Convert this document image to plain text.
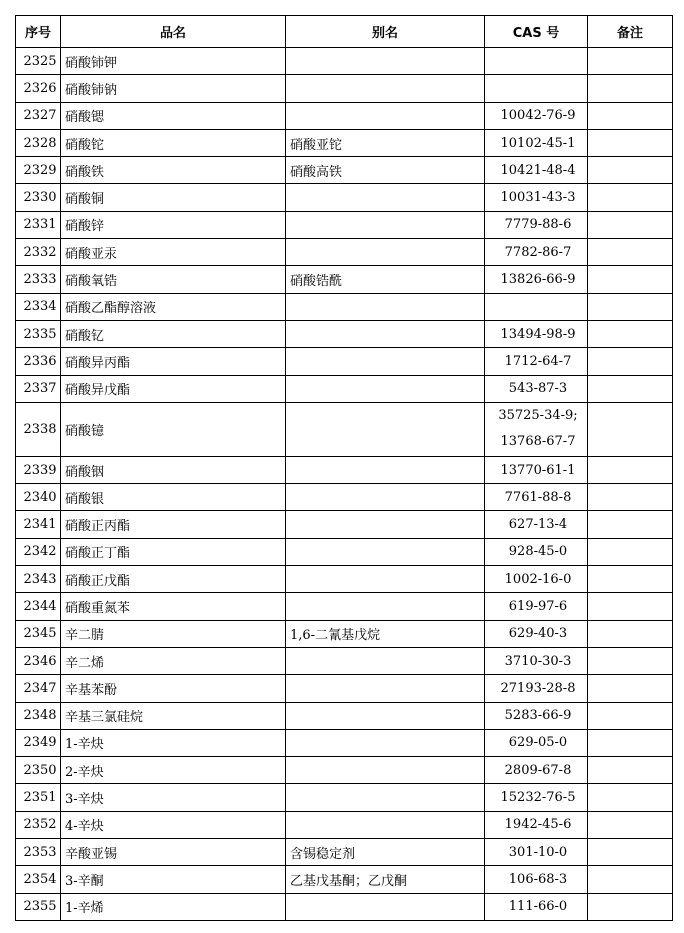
序号	品名	别名	CAS 号	备注
2325	硝酸铈钾		

2326	硝酸铈钠		

2327	硝酸锶		10042-76-9	

2328	硝酸铊	硝酸亚铊	10102-45-1	

2329	硝酸铁	硝酸高铁	10421-48-4	

2330	硝酸铜		10031-43-3	

2331	硝酸锌		7779-88-6	

2332	硝酸亚汞		7782-86-7	

2333	硝酸氧锆	硝酸锆酰	13826-66-9	

2334	硝酸乙酯醇溶液		

2335	硝酸钇		13494-98-9	

2336	硝酸异丙酯		1712-64-7	

2337	硝酸异戊酯		543-87-3	

2338	硝酸镱		35725-34-9;
13768-67-7	

2339	硝酸铟		13770-61-1	

2340	硝酸银		7761-88-8	

2341	硝酸正丙酯		627-13-4	

2342	硝酸正丁酯		928-45-0	

2343	硝酸正戊酯		1002-16-0	

2344	硝酸重氮苯		619-97-6	

2345	辛二腈	1,6-二氰基戊烷	629-40-3	

2346	辛二烯		3710-30-3	

2347	辛基苯酚		27193-28-8	

2348	辛基三氯硅烷		5283-66-9	

2349	1-辛炔		629-05-0	

2350	2-辛炔		2809-67-8	

2351	3-辛炔		15232-76-5	

2352	4-辛炔		1942-45-6	

2353	辛酸亚锡	含锡稳定剂	301-10-0	

2354	3-辛酮	乙基戊基酮；乙戊酮	106-68-3	

2355	1-辛烯		111-66-0	
